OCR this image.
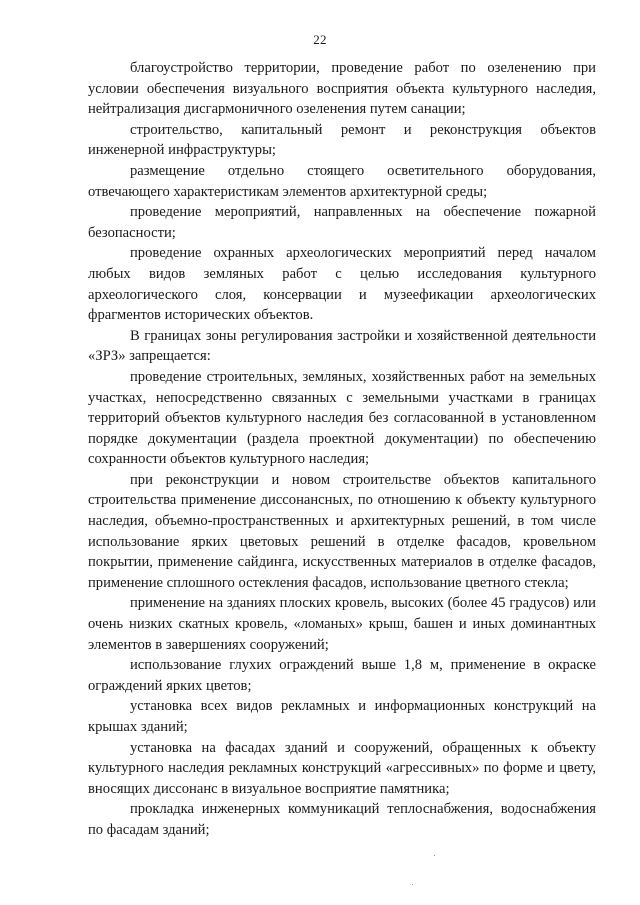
22

благоустройство территории, проведение работ по озеленению при условии обеспечения визуального восприятия объекта культурного наследия, нейтрализация дисгармоничного озеленения путем санации;

строительство, капитальный ремонт и реконструкция объектов инженерной инфраструктуры;

размещение отдельно стоящего осветительного оборудования, отвечающего характеристикам элементов архитектурной среды;

проведение мероприятий, направленных на обеспечение пожарной безопасности;

проведение охранных археологических мероприятий перед началом любых видов земляных работ с целью исследования культурного археологического слоя, консервации и музеефикации археологических фрагментов исторических объектов.

В границах зоны регулирования застройки и хозяйственной деятельности «ЗРЗ» запрещается:

проведение строительных, земляных, хозяйственных работ на земельных участках, непосредственно связанных с земельными участками в границах территорий объектов культурного наследия без согласованной в установленном порядке документации (раздела проектной документации) по обеспечению сохранности объектов культурного наследия;

при реконструкции и новом строительстве объектов капитального строительства применение диссонансных, по отношению к объекту культурного наследия, объемно-пространственных и архитектурных решений, в том числе использование ярких цветовых решений в отделке фасадов, кровельном покрытии, применение сайдинга, искусственных материалов в отделке фасадов, применение сплошного остекления фасадов, использование цветного стекла;

применение на зданиях плоских кровель, высоких (более 45 градусов) или очень низких скатных кровель, «ломаных» крыш, башен и иных доминантных элементов в завершениях сооружений;

использование глухих ограждений выше 1,8 м, применение в окраске ограждений ярких цветов;

установка всех видов рекламных и информационных конструкций на крышах зданий;

установка на фасадах зданий и сооружений, обращенных к объекту культурного наследия рекламных конструкций «агрессивных» по форме и цвету, вносящих диссонанс в визуальное восприятие памятника;

прокладка инженерных коммуникаций теплоснабжения, водоснабжения по фасадам зданий;
